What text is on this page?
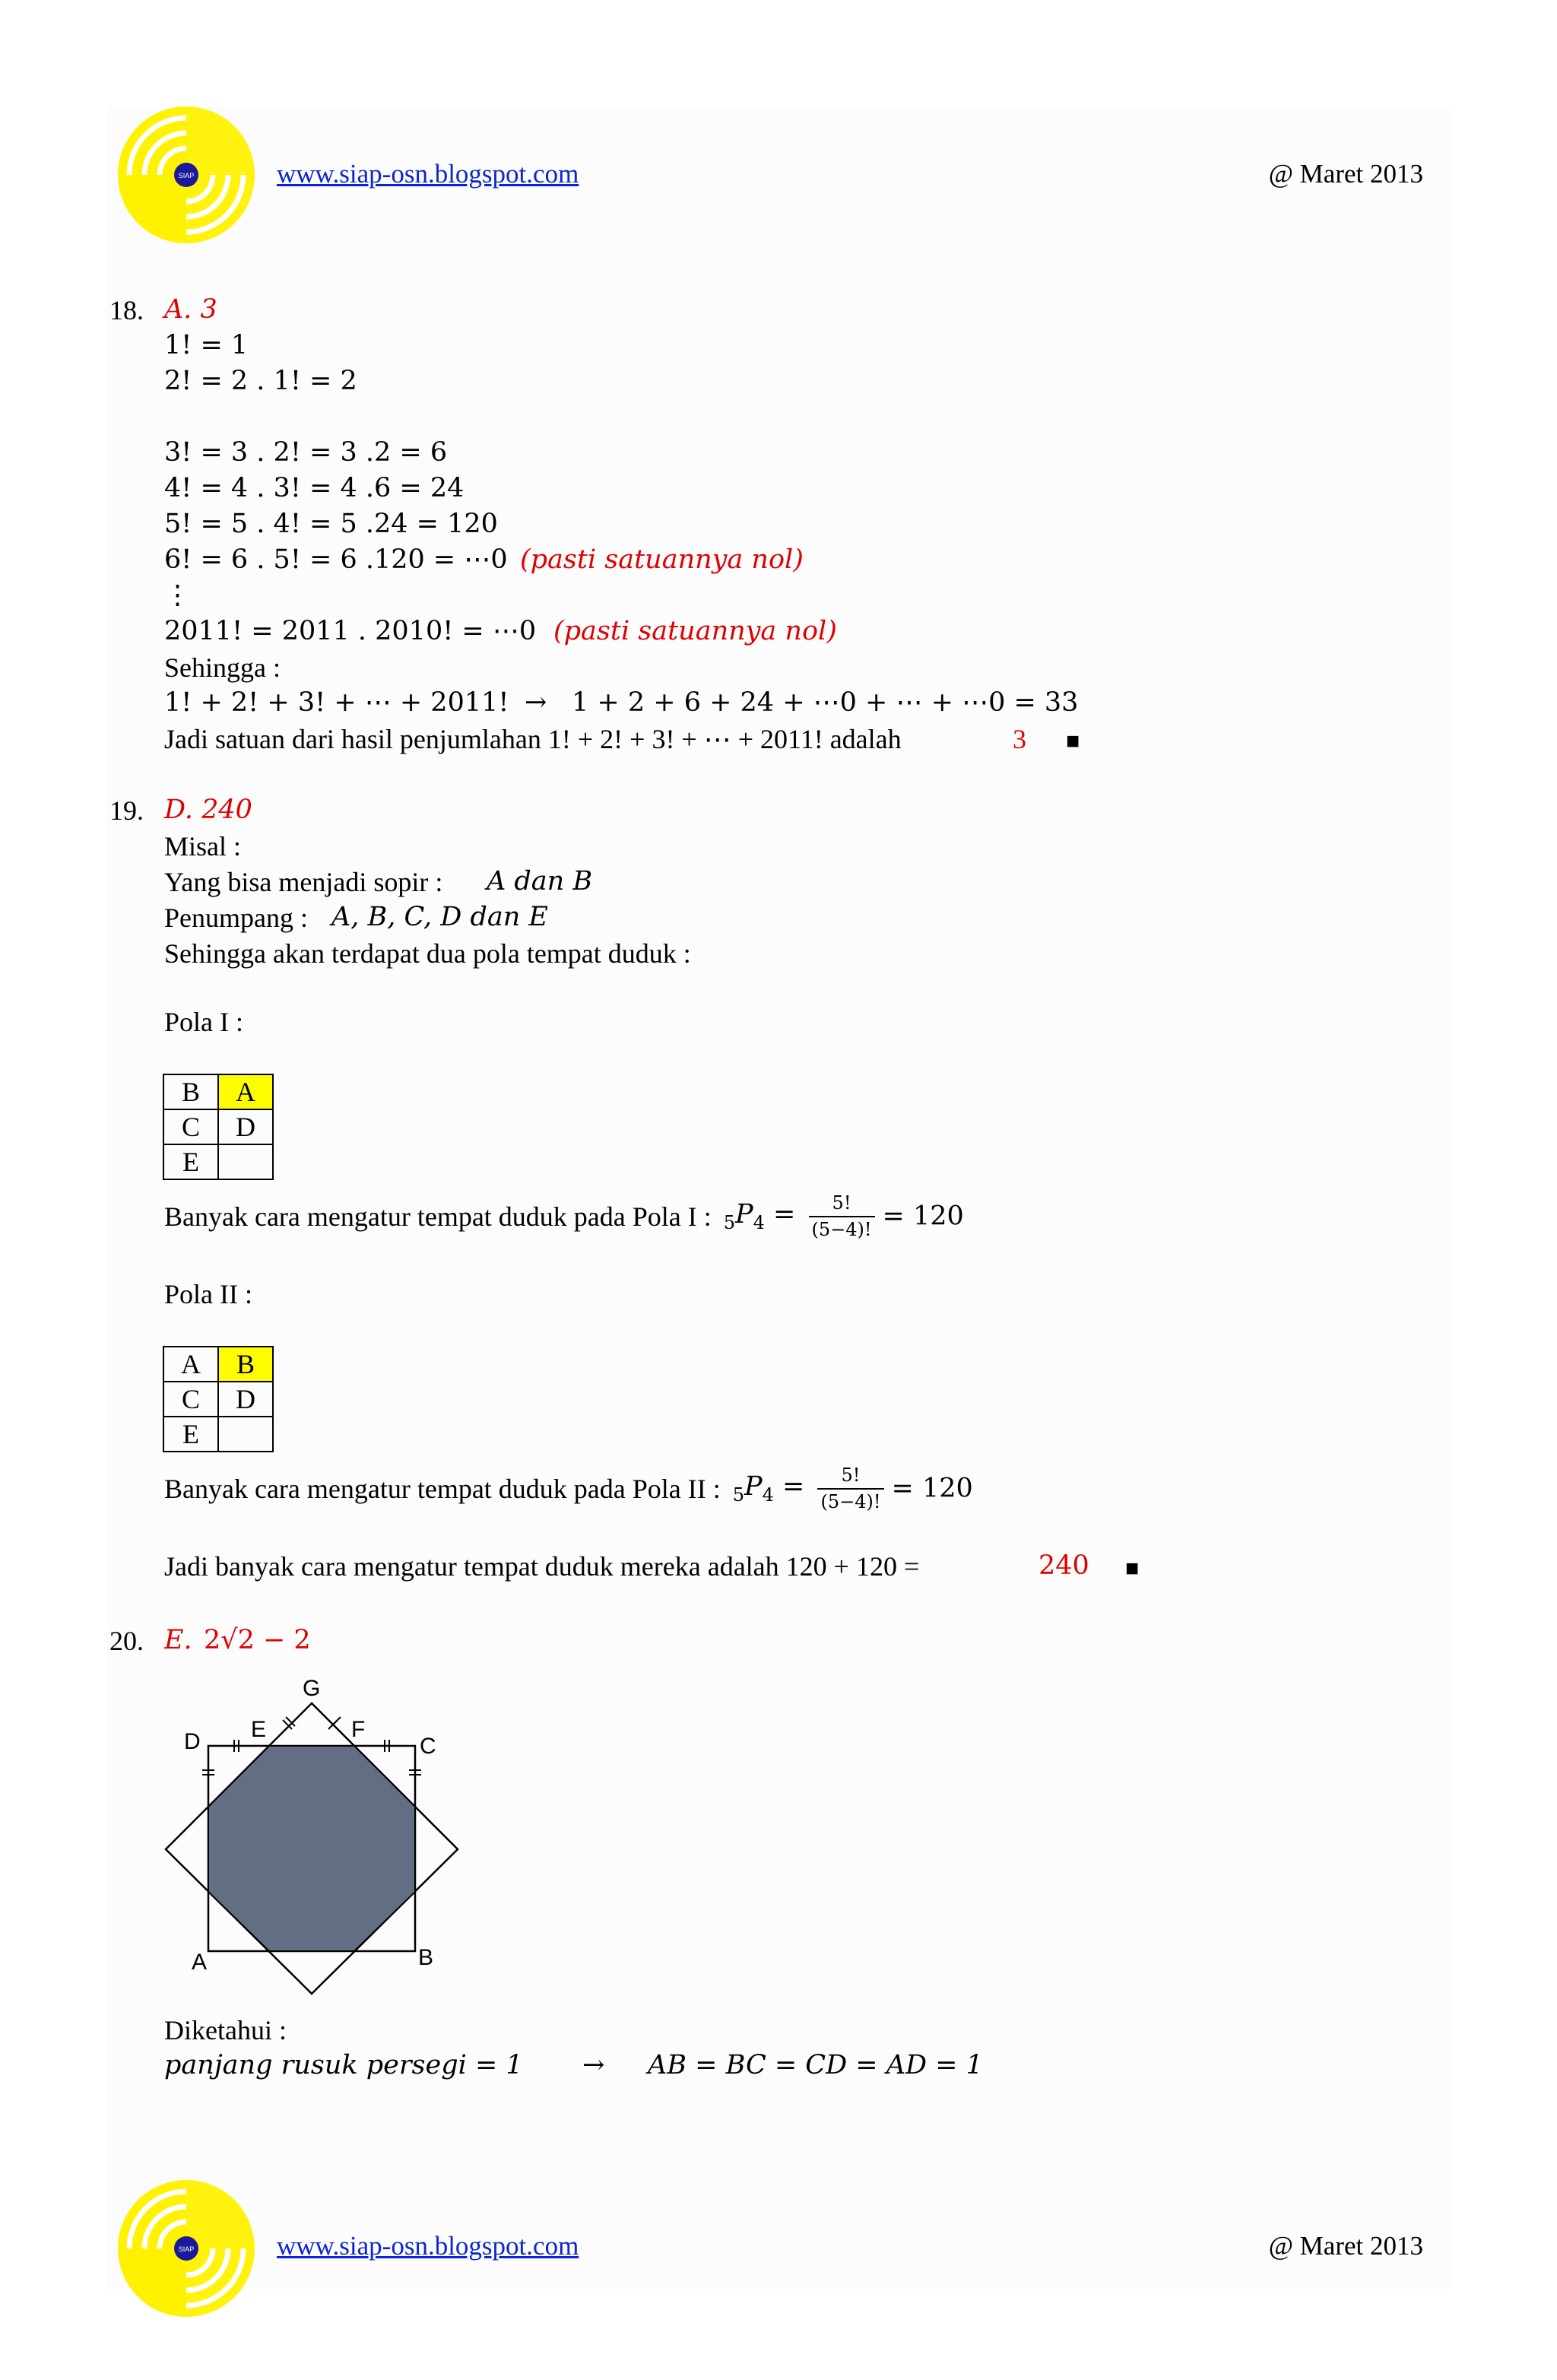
SIAP	www.siap-osn.blogspot.com	@ Maret 2013
18. A. 3
1! = 1
2! = 2 . 1! = 2
3! = 3 . 2! = 3 .2 = 6
4! = 4 . 3! = 4 .6 = 24
5! = 5 . 4! = 5 .24 = 120
6! = 6 . 5! = 6 .120 = ⋯0 (pasti satuannya nol)
⋮
2011! = 2011 . 2010! = ⋯0 (pasti satuannya nol)
Sehingga :
1! + 2! + 3! + ⋯ + 2011! → 1 + 2 + 6 + 24 + ⋯0 + ⋯ + ⋯0 = 33
Jadi satuan dari hasil penjumlahan 1! + 2! + 3! + ⋯ + 2011! adalah	3 ■
19. D. 240
Misal :
Yang bisa menjadi sopir : A dan B
Penumpang : A, B, C, D dan E
Sehingga akan terdapat dua pola tempat duduk :
Pola I :
B	A
C	D
E	
Banyak cara mengatur tempat duduk pada Pola I : $_5P_4 = \frac{5!}{(5-4)!} = 120$
Pola II :
A	B
C	D
E	
Banyak cara mengatur tempat duduk pada Pola II : $_5P_4 = \frac{5!}{(5-4)!} = 120$
Jadi banyak cara mengatur tempat duduk mereka adalah 120 + 120 =	240 ■
20. E. 2√2 − 2
G
D E	F
C
A	B
Diketahui :
panjang rusuk persegi = 1 → AB = BC = CD = AD = 1
SIAP	www.siap-osn.blogspot.com	@ Maret 2013
